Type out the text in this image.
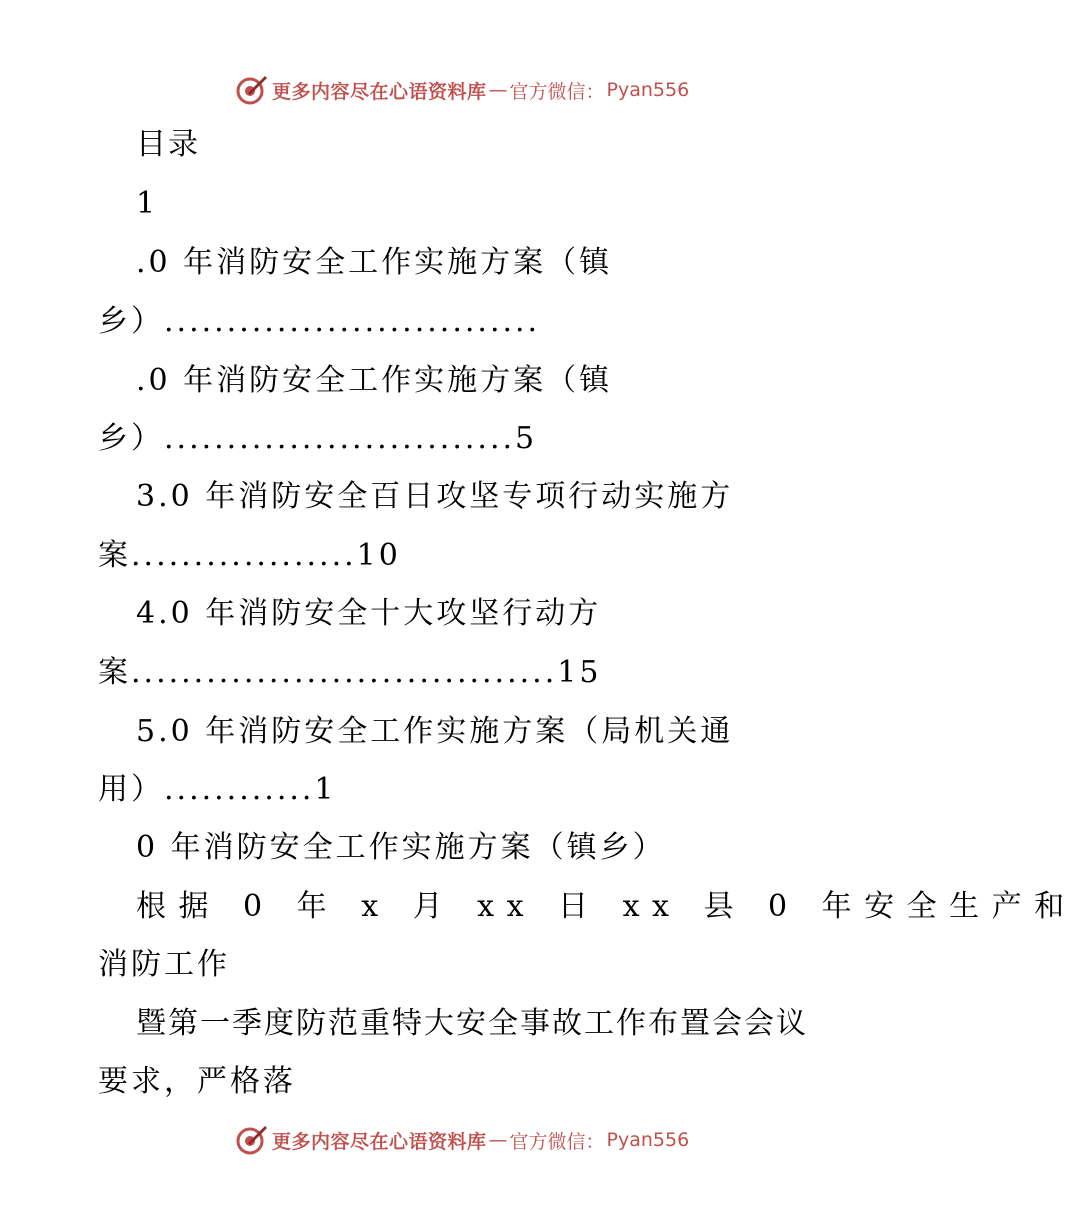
更多内容尽在心语资料库 — 官方微信： Pyan556
目录
1
.0 年消防安全工作实施方案（镇
乡）..............................
.0 年消防安全工作实施方案（镇
乡）............................5
3.0 年消防安全百日攻坚专项行动实施方
案..................10
4.0 年消防安全十大攻坚行动方
案..................................15
5.0 年消防安全工作实施方案（局机关通
用）............1
0 年消防安全工作实施方案（镇乡）
根据 0 年 x 月 xx 日 xx 县 0 年安全生产和
消防工作
暨第一季度防范重特大安全事故工作布置会会议
要求，严格落
更多内容尽在心语资料库 — 官方微信： Pyan556
